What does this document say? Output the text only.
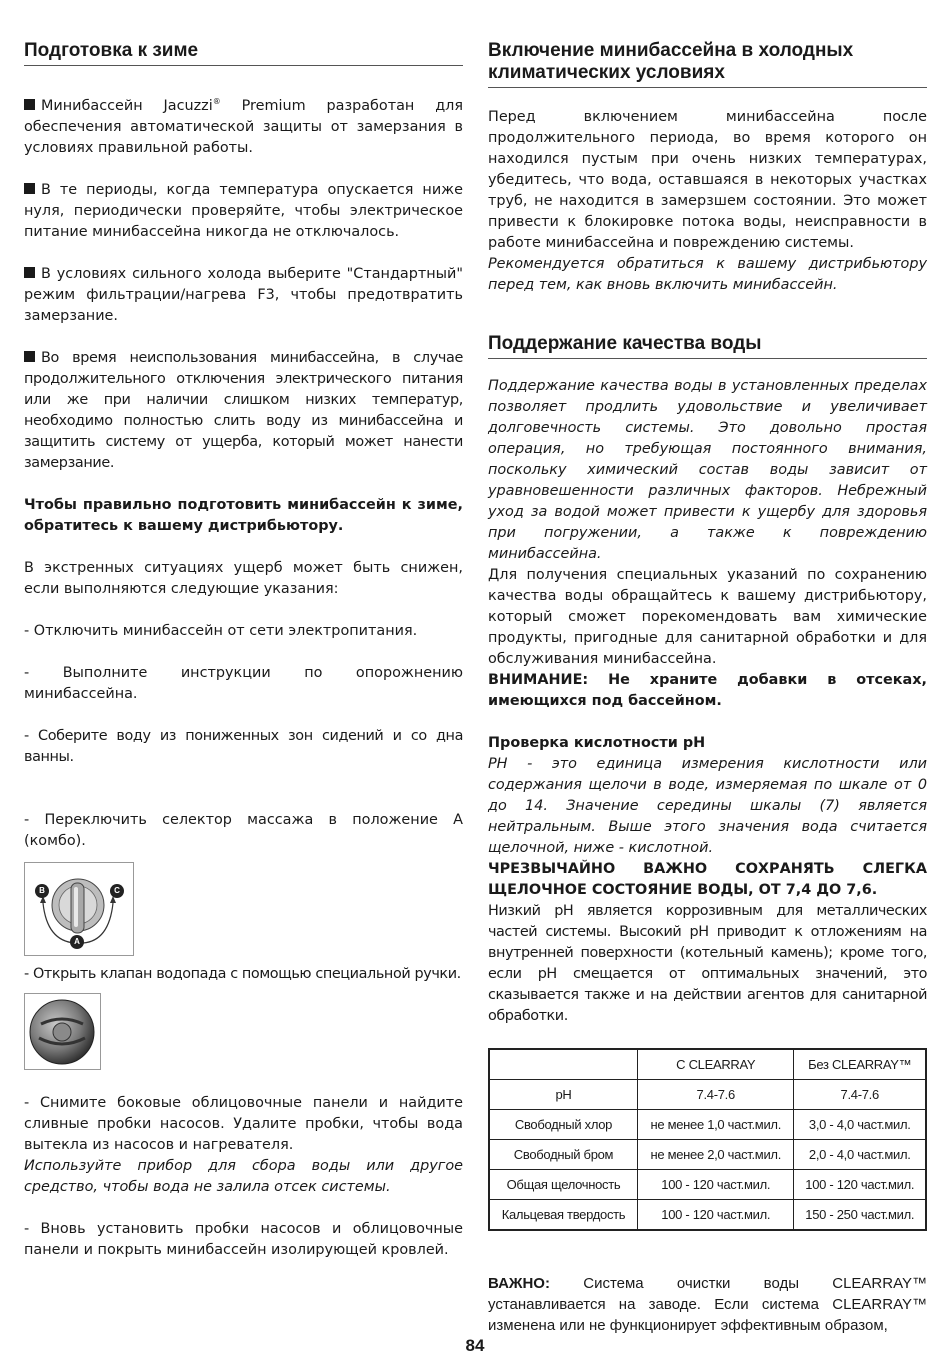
Подготовка к зиме

Минибассейн Jacuzzi® Premium разработан для обеспечения автоматической защиты от замерзания в условиях правильной работы.

В те периоды, когда температура опускается ниже нуля, периодически проверяйте, чтобы электрическое питание минибассейна никогда не отключалось.

В условиях сильного холода выберите "Стандартный" режим фильтрации/нагрева F3, чтобы предотвратить замерзание.

Во время неиспользования минибассейна, в случае продолжительного отключения электрического питания или же при наличии слишком низких температур, необходимо полностью слить воду из минибассейна и защитить систему от ущерба, который может нанести замерзание.

Чтобы правильно подготовить минибассейн к зиме, обратитесь к вашему дистрибьютору.

В экстренных ситуациях ущерб может быть снижен, если выполняются следующие указания:

- Отключить минибассейн от сети электропитания.

- Выполните инструкции по опорожнению минибассейна.

- Соберите воду из пониженных зон сидений и со дна ванны.

- Переключить селектор массажа в положение A (комбо).

B	C
A

- Открыть клапан водопада с помощью специальной ручки.

- Снимите боковые облицовочные панели и найдите сливные пробки насосов. Удалите пробки, чтобы вода вытекла из насосов и нагревателя.

Используйте прибор для сбора воды или другое средство, чтобы вода не залила отсек системы.

- Вновь установить пробки насосов и облицовочные панели и покрыть минибассейн изолирующей кровлей.

Включение минибассейна в холодных климатических условиях

Перед включением минибассейна после продолжительного периода, во время которого он находился пустым при очень низких температурах, убедитесь, что вода, оставшаяся в некоторых участках труб, не находится в замерзшем состоянии. Это может привести к блокировке потока воды, неисправности в работе минибассейна и повреждению системы.

Рекомендуется обратиться к вашему дистрибьютору перед тем, как вновь включить минибассейн.

Поддержание качества воды

Поддержание качества воды в установленных пределах позволяет продлить удовольствие и увеличивает долговечность системы. Это довольно простая операция, но требующая постоянного внимания, поскольку химический состав воды зависит от уравновешенности различных факторов. Небрежный уход за водой может привести к ущербу для здоровья при погружении, а также к повреждению минибассейна.

Для получения специальных указаний по сохранению качества воды обращайтесь к вашему дистрибьютору, который сможет порекомендовать вам химические продукты, пригодные для санитарной обработки и для обслуживания минибассейна.

ВНИМАНИЕ: Не храните добавки в отсеках, имеющихся под бассейном.

Проверка кислотности pH

PH - это единица измерения кислотности или содержания щелочи в воде, измеряемая по шкале от 0 до 14. Значение середины шкалы (7) является нейтральным. Выше этого значения вода считается щелочной, ниже - кислотной.

ЧРЕЗВЫЧАЙНО ВАЖНО СОХРАНЯТЬ СЛЕГКА ЩЕЛОЧНОЕ СОСТОЯНИЕ ВОДЫ, ОТ 7,4 ДО 7,6.

Низкий pH является коррозивным для металлических частей системы. Высокий pH приводит к отложениям на внутренней поверхности (котельный камень); кроме того, если pH смещается от оптимальных значений, это сказывается также и на действии агентов для санитарной обработки.

	C CLEARRAY	Без CLEARRAY™
pH	7.4-7.6	7.4-7.6
Свободный хлор	не менее 1,0 част.мил.	3,0 - 4,0 част.мил.
Свободный бром	не менее 2,0 част.мил.	2,0 - 4,0 част.мил.
Общая щелочность	100 - 120 част.мил.	100 - 120 част.мил.
Кальцевая твердость	100 - 120 част.мил.	150 - 250 част.мил.

ВАЖНО: Система очистки воды CLEARRAY™ устанавливается на заводе. Если система CLEARRAY™ изменена или не функционирует эффективным образом,

84
